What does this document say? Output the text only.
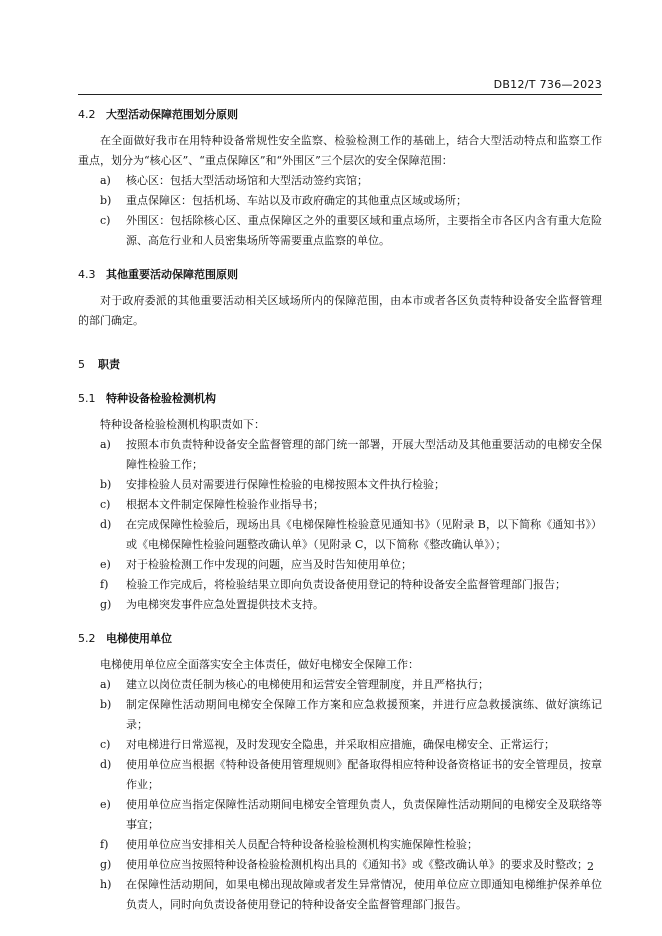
DB12/T 736—2023
4.2 大型活动保障范围划分原则

在全面做好我市在用特种设备常规性安全监察、检验检测工作的基础上，结合大型活动特点和监察工作重点，划分为“核心区”、“重点保障区”和“外围区”三个层次的安全保障范围：

a) 核心区：包括大型活动场馆和大型活动签约宾馆；
b) 重点保障区：包括机场、车站以及市政府确定的其他重点区域或场所；
c) 外围区：包括除核心区、重点保障区之外的重要区域和重点场所，主要指全市各区内含有重大危险源、高危行业和人员密集场所等需要重点监察的单位。
4.3 其他重要活动保障范围原则

对于政府委派的其他重要活动相关区域场所内的保障范围，由本市或者各区负责特种设备安全监督管理的部门确定。

5 职责
5.1 特种设备检验检测机构

特种设备检验检测机构职责如下：

a) 按照本市负责特种设备安全监督管理的部门统一部署，开展大型活动及其他重要活动的电梯安全保障性检验工作；
b) 安排检验人员对需要进行保障性检验的电梯按照本文件执行检验；
c) 根据本文件制定保障性检验作业指导书；
d) 在完成保障性检验后，现场出具《电梯保障性检验意见通知书》（见附录 B，以下简称《通知书》）或《电梯保障性检验问题整改确认单》（见附录 C，以下简称《整改确认单》）；
e) 对于检验检测工作中发现的问题，应当及时告知使用单位；
f) 检验工作完成后，将检验结果立即向负责设备使用登记的特种设备安全监督管理部门报告；
g) 为电梯突发事件应急处置提供技术支持。
5.2 电梯使用单位

电梯使用单位应全面落实安全主体责任，做好电梯安全保障工作：

a) 建立以岗位责任制为核心的电梯使用和运营安全管理制度，并且严格执行；
b) 制定保障性活动期间电梯安全保障工作方案和应急救援预案，并进行应急救援演练、做好演练记录；
c) 对电梯进行日常巡视，及时发现安全隐患，并采取相应措施，确保电梯安全、正常运行；
d) 使用单位应当根据《特种设备使用管理规则》配备取得相应特种设备资格证书的安全管理员，按章作业；
e) 使用单位应当指定保障性活动期间电梯安全管理负责人，负责保障性活动期间的电梯安全及联络等事宜；
f) 使用单位应当安排相关人员配合特种设备检验检测机构实施保障性检验；
g) 使用单位应当按照特种设备检验检测机构出具的《通知书》或《整改确认单》的要求及时整改；
h) 在保障性活动期间，如果电梯出现故障或者发生异常情况，使用单位应立即通知电梯维护保养单位负责人，同时向负责设备使用登记的特种设备安全监督管理部门报告。
2
